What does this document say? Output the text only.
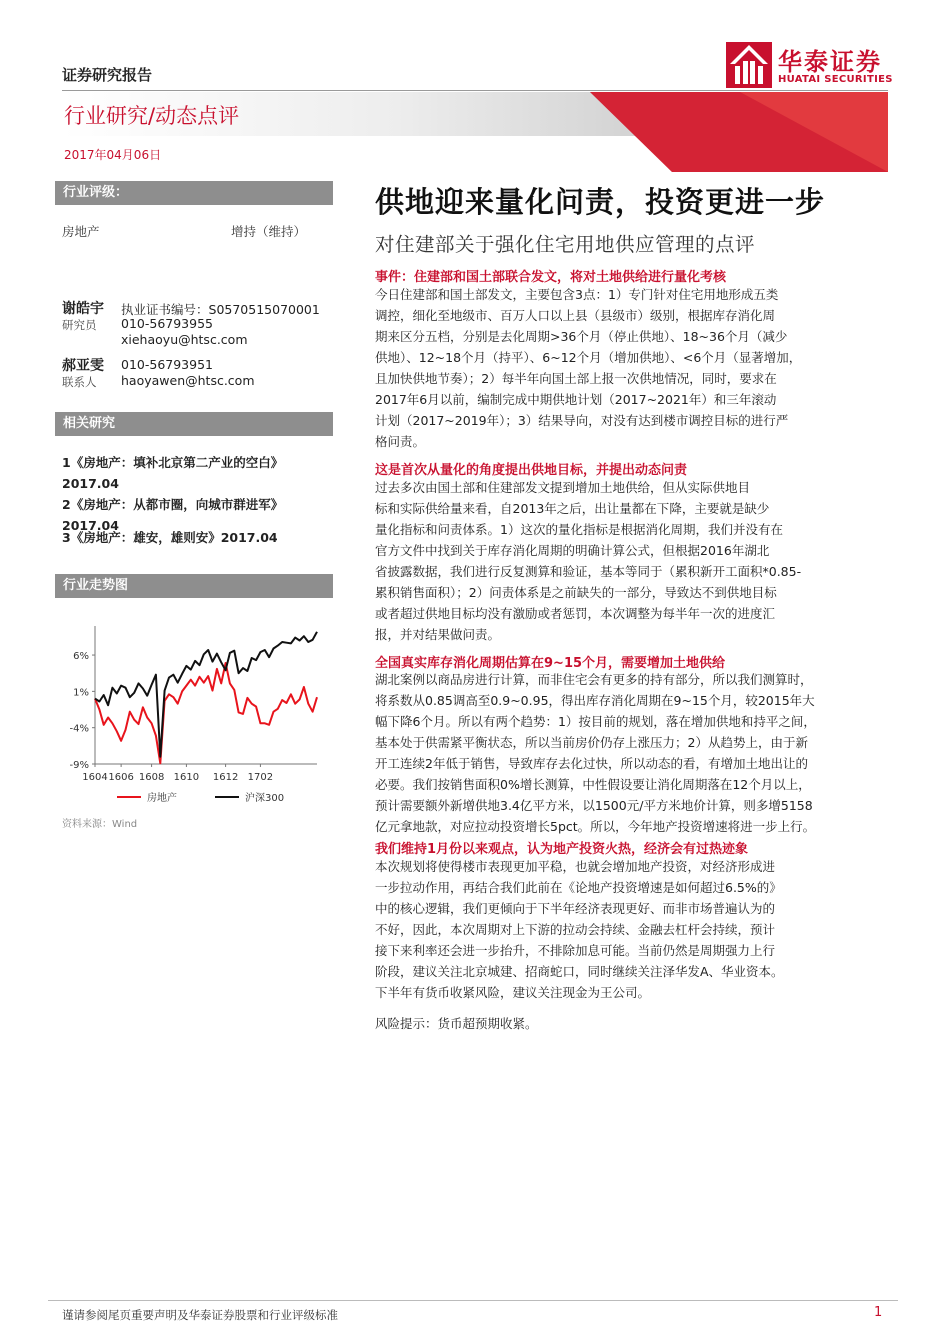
证券研究报告	华泰证券
HUATAI SECURITIES
行业研究/动态点评
2017年04月06日
行业评级：
房地产	增持（维持）
谢皓宇
研究员
执业证书编号：S0570515070001
010-56793955
xiehaoyu@htsc.com
郝亚雯
联系人
010-56793951
haoyawen@htsc.com
相关研究
1《房地产：填补北京第二产业的空白》
2017.04
2《房地产：从都市圈，向城市群进军》
2017.04
3《房地产：雄安，雄则安》2017.04
行业走势图
6%
1%
-4%
-9%
1604 1606 1608 1610 1612 1702
房地产	沪深300
资料来源：Wind
供地迎来量化问责，投资更进一步
对住建部关于强化住宅用地供应管理的点评
事件：住建部和国土部联合发文，将对土地供给进行量化考核
今日住建部和国土部发文，主要包含3点：1）专门针对住宅用地形成五类
调控，细化至地级市、百万人口以上县（县级市）级别，根据库存消化周
期来区分五档，分别是去化周期>36个月（停止供地）、18~36个月（减少
供地）、12~18个月（持平）、6~12个月（增加供地）、<6个月（显著增加，
且加快供地节奏）；2）每半年向国土部上报一次供地情况，同时，要求在
2017年6月以前，编制完成中期供地计划（2017~2021年）和三年滚动
计划（2017~2019年）；3）结果导向，对没有达到楼市调控目标的进行严
格问责。
这是首次从量化的角度提出供地目标，并提出动态问责
过去多次由国土部和住建部发文提到增加土地供给，但从实际供地目
标和实际供给量来看，自2013年之后，出让量都在下降，主要就是缺少
量化指标和问责体系。1）这次的量化指标是根据消化周期，我们并没有在
官方文件中找到关于库存消化周期的明确计算公式，但根据2016年湖北
省披露数据，我们进行反复测算和验证，基本等同于（累积新开工面积*0.85-
累积销售面积）；2）问责体系是之前缺失的一部分，导致达不到供地目标
或者超过供地目标均没有激励或者惩罚，本次调整为每半年一次的进度汇
报，并对结果做问责。
全国真实库存消化周期估算在9~15个月，需要增加土地供给
湖北案例以商品房进行计算，而非住宅会有更多的持有部分，所以我们测算时，
将系数从0.85调高至0.9~0.95，得出库存消化周期在9~15个月，较2015年大
幅下降6个月。所以有两个趋势：1）按目前的规划，落在增加供地和持平之间，
基本处于供需紧平衡状态，所以当前房价仍存上涨压力；2）从趋势上，由于新
开工连续2年低于销售，导致库存去化过快，所以动态的看，有增加土地出让的
必要。我们按销售面积0%增长测算，中性假设要让消化周期落在12个月以上，
预计需要额外新增供地3.4亿平方米，以1500元/平方米地价计算，则多增5158
亿元拿地款，对应拉动投资增长5pct。所以，今年地产投资增速将进一步上行。
我们维持1月份以来观点，认为地产投资火热，经济会有过热迹象
本次规划将使得楼市表现更加平稳，也就会增加地产投资，对经济形成进
一步拉动作用，再结合我们此前在《论地产投资增速是如何超过6.5%的》
中的核心逻辑，我们更倾向于下半年经济表现更好、而非市场普遍认为的
不好，因此，本次周期对上下游的拉动会持续、金融去杠杆会持续，预计
接下来利率还会进一步抬升，不排除加息可能。当前仍然是周期强力上行
阶段，建议关注北京城建、招商蛇口，同时继续关注泽华发A、华业资本。
下半年有货币收紧风险，建议关注现金为王公司。
风险提示：货币超预期收紧。
谨请参阅尾页重要声明及华泰证券股票和行业评级标准	1
